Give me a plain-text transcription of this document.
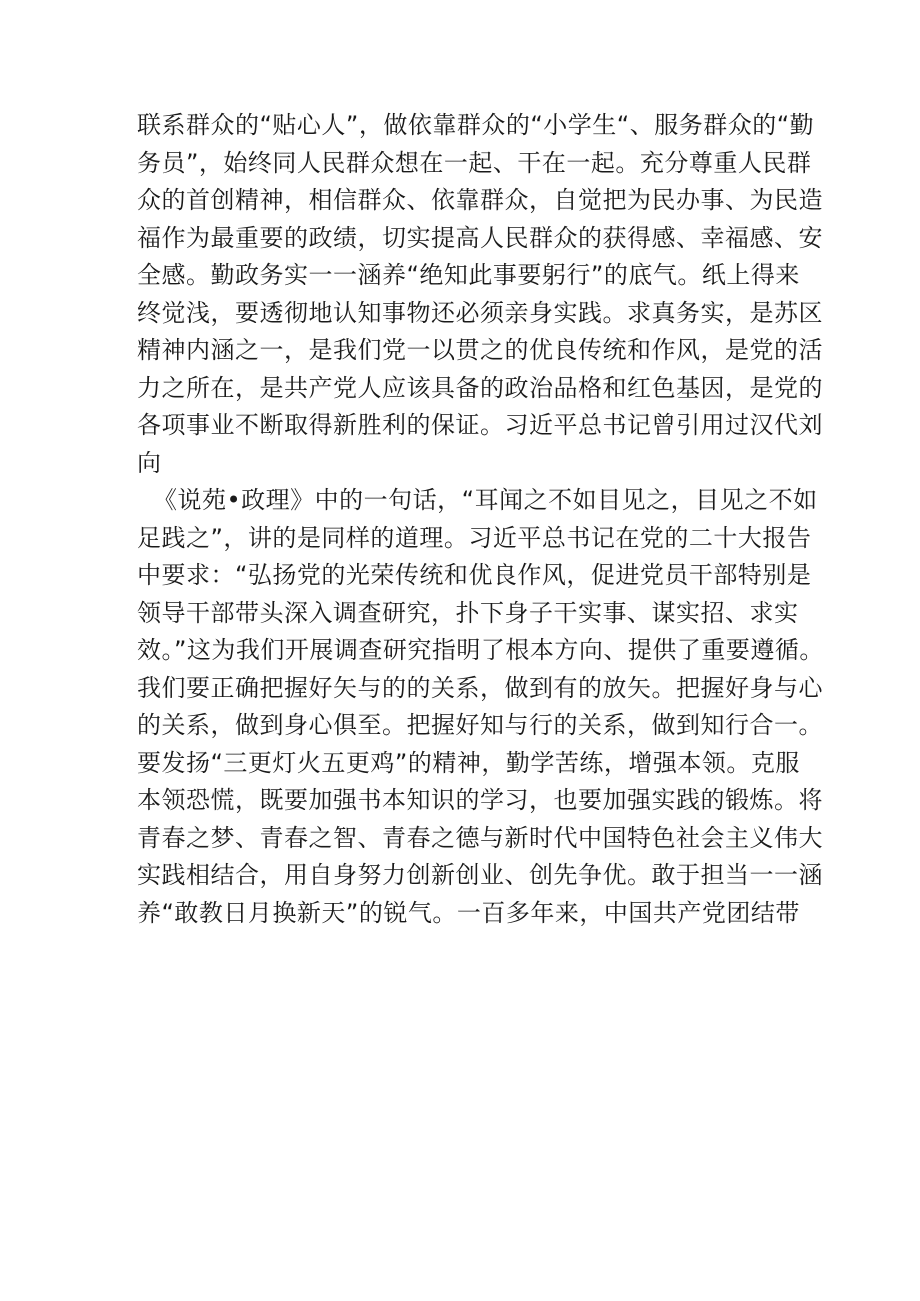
联系群众的“贴心人”，做依靠群众的“小学生“、服务群众的“勤
务员”，始终同人民群众想在一起、干在一起。充分尊重人民群
众的首创精神，相信群众、依靠群众，自觉把为民办事、为民造
福作为最重要的政绩，切实提高人民群众的获得感、幸福感、安
全感。勤政务实一一涵养“绝知此事要躬行”的底气。纸上得来
终觉浅，要透彻地认知事物还必须亲身实践。求真务实，是苏区
精神内涵之一，是我们党一以贯之的优良传统和作风，是党的活
力之所在，是共产党人应该具备的政治品格和红色基因，是党的
各项事业不断取得新胜利的保证。习近平总书记曾引用过汉代刘
向
《说苑•政理》中的一句话，“耳闻之不如目见之，目见之不如
足践之”，讲的是同样的道理。习近平总书记在党的二十大报告
中要求：“弘扬党的光荣传统和优良作风，促进党员干部特别是
领导干部带头深入调查研究，扑下身子干实事、谋实招、求实
效。”这为我们开展调查研究指明了根本方向、提供了重要遵循。
我们要正确把握好矢与的的关系，做到有的放矢。把握好身与心
的关系，做到身心俱至。把握好知与行的关系，做到知行合一。
要发扬“三更灯火五更鸡”的精神，勤学苦练，增强本领。克服
本领恐慌，既要加强书本知识的学习，也要加强实践的锻炼。将
青春之梦、青春之智、青春之德与新时代中国特色社会主义伟大
实践相结合，用自身努力创新创业、创先争优。敢于担当一一涵
养“敢教日月换新天”的锐气。一百多年来，中国共产党团结带
